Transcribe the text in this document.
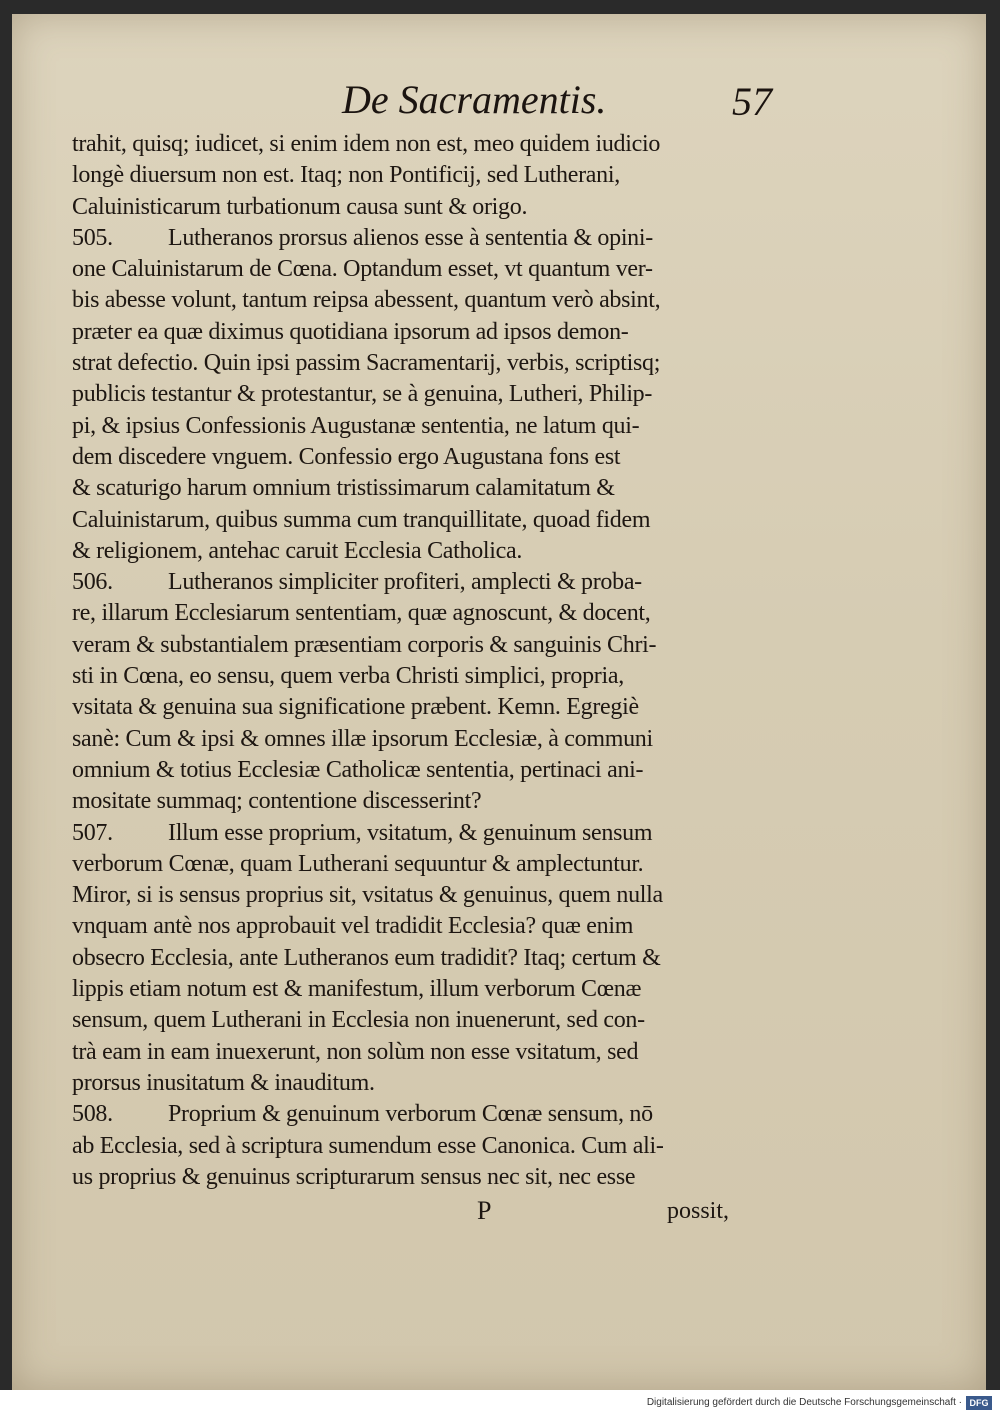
De Sacramentis.	57
trahit, quisq; iudicet, si enim idem non est, meo quidem iudicio
longè diuersum non est. Itaq; non Pontificij, sed Lutherani,
Caluinisticarum turbationum causa sunt & origo.
505. Lutheranos prorsus alienos esse à sententia & opini-
one Caluinistarum de Cœna. Optandum esset, vt quantum ver-
bis abesse volunt, tantum reipsa abessent, quantum verò absint,
præter ea quæ diximus quotidiana ipsorum ad ipsos demon-
strat defectio. Quin ipsi passim Sacramentarij, verbis, scriptisq;
publicis testantur & protestantur, se à genuina, Lutheri, Philip-
pi, & ipsius Confessionis Augustanæ sententia, ne latum qui-
dem discedere vnguem. Confessio ergo Augustana fons est
& scaturigo harum omnium tristissimarum calamitatum &
Caluinistarum, quibus summa cum tranquillitate, quoad fidem
& religionem, antehac caruit Ecclesia Catholica.
506. Lutheranos simpliciter profiteri, amplecti & proba-
re, illarum Ecclesiarum sententiam, quæ agnoscunt, & docent,
veram & substantialem præsentiam corporis & sanguinis Chri-
sti in Cœna, eo sensu, quem verba Christi simplici, propria,
vsitata & genuina sua significatione præbent. Kemn. Egregiè
sanè: Cum & ipsi & omnes illæ ipsorum Ecclesiæ, à communi
omnium & totius Ecclesiæ Catholicæ sententia, pertinaci ani-
mositate summaq; contentione discesserint?
507. Illum esse proprium, vsitatum, & genuinum sensum
verborum Cœnæ, quam Lutherani sequuntur & amplectuntur.
Miror, si is sensus proprius sit, vsitatus & genuinus, quem nulla
vnquam antè nos approbauit vel tradidit Ecclesia? quæ enim
obsecro Ecclesia, ante Lutheranos eum tradidit? Itaq; certum &
lippis etiam notum est & manifestum, illum verborum Cœnæ
sensum, quem Lutherani in Ecclesia non inuenerunt, sed con-
trà eam in eam inuexerunt, non solùm non esse vsitatum, sed
prorsus inusitatum & inauditum.
508. Proprium & genuinum verborum Cœnæ sensum, nō
ab Ecclesia, sed à scriptura sumendum esse Canonica. Cum ali-
us proprius & genuinus scripturarum sensus nec sit, nec esse
P	possit,
Digitalisierung gefördert durch die Deutsche Forschungsgemeinschaft · DFG
